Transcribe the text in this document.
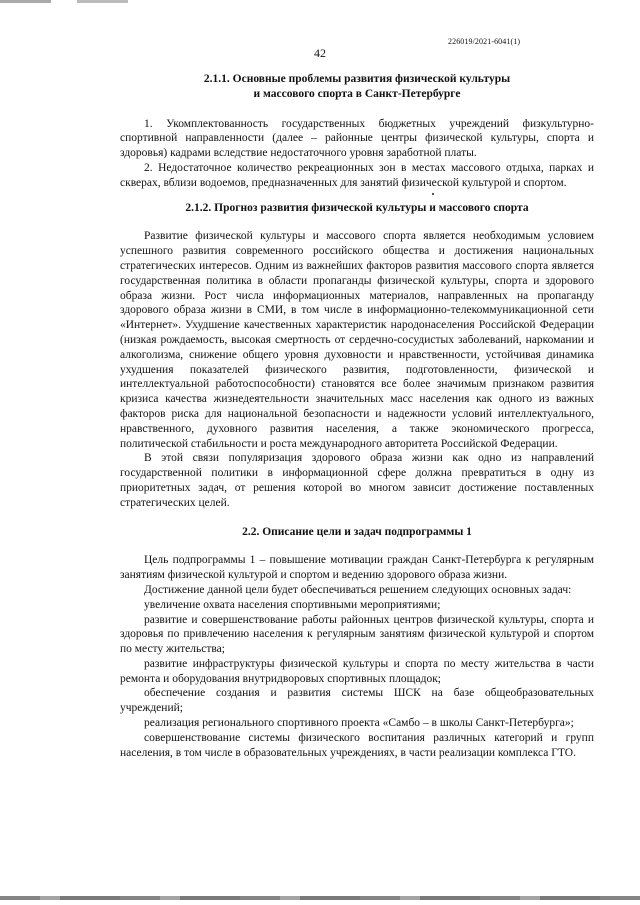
226019/2021-6041(1)
42
2.1.1. Основные проблемы развития физической культуры
и массового спорта в Санкт-Петербурге

1. Укомплектованность государственных бюджетных учреждений физкультурно-спортивной направленности (далее – районные центры физической культуры, спорта и здоровья) кадрами вследствие недостаточного уровня заработной платы.

2. Недостаточное количество рекреационных зон в местах массового отдыха, парках и скверах, вблизи водоемов, предназначенных для занятий физической культурой и спортом.

2.1.2. Прогноз развития физической культуры и массового спорта

Развитие физической культуры и массового спорта является необходимым условием успешного развития современного российского общества и достижения национальных стратегических интересов. Одним из важнейших факторов развития массового спорта является государственная политика в области пропаганды физической культуры, спорта и здорового образа жизни. Рост числа информационных материалов, направленных на пропаганду здорового образа жизни в СМИ, в том числе в информационно-телекоммуникационной сети «Интернет». Ухудшение качественных характеристик народонаселения Российской Федерации (низкая рождаемость, высокая смертность от сердечно-сосудистых заболеваний, наркомании и алкоголизма, снижение общего уровня духовности и нравственности, устойчивая динамика ухудшения показателей физического развития, подготовленности, физической и интеллектуальной работоспособности) становятся все более значимым признаком развития кризиса качества жизнедеятельности значительных масс населения как одного из важных факторов риска для национальной безопасности и надежности условий интеллектуального, нравственного, духовного развития населения, а также экономического прогресса, политической стабильности и роста международного авторитета Российской Федерации.

В этой связи популяризация здорового образа жизни как одно из направлений государственной политики в информационной сфере должна превратиться в одну из приоритетных задач, от решения которой во многом зависит достижение поставленных стратегических целей.

2.2. Описание цели и задач подпрограммы 1

Цель подпрограммы 1 – повышение мотивации граждан Санкт-Петербурга к регулярным занятиям физической культурой и спортом и ведению здорового образа жизни.

Достижение данной цели будет обеспечиваться решением следующих основных задач:

увеличение охвата населения спортивными мероприятиями;

развитие и совершенствование работы районных центров физической культуры, спорта и здоровья по привлечению населения к регулярным занятиям физической культурой и спортом по месту жительства;

развитие инфраструктуры физической культуры и спорта по месту жительства в части ремонта и оборудования внутридворовых спортивных площадок;

обеспечение создания и развития системы ШСК на базе общеобразовательных учреждений;

реализация регионального спортивного проекта «Самбо – в школы Санкт-Петербурга»;

совершенствование системы физического воспитания различных категорий и групп населения, в том числе в образовательных учреждениях, в части реализации комплекса ГТО.
